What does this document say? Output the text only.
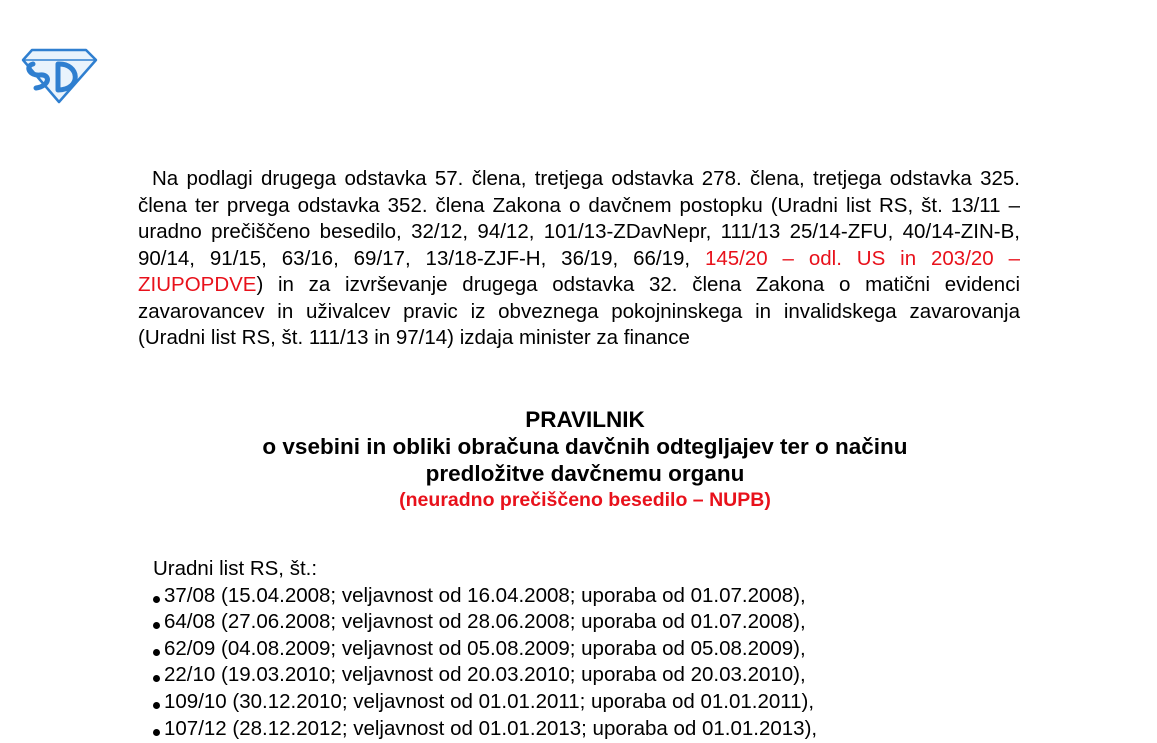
Na podlagi drugega odstavka 57. člena, tretjega odstavka 278. člena, tretjega odstavka 325. člena ter prvega odstavka 352. člena Zakona o davčnem postopku (Uradni list RS, št. 13/11 – uradno prečiščeno besedilo, 32/12, 94/12, 101/13-ZDavNepr, 111/13 25/14-ZFU, 40/14-ZIN-B, 90/14, 91/15, 63/16, 69/17, 13/18-ZJF-H, 36/19, 66/19, 145/20 – odl. US in 203/20 – ZIUPOPDVE) in za izvrševanje drugega odstavka 32. člena Zakona o matični evidenci zavarovancev in uživalcev pravic iz obveznega pokojninskega in invalidskega zavarovanja (Uradni list RS, št. 111/13 in 97/14) izdaja minister za finance

PRAVILNIK

o vsebini in obliki obračuna davčnih odtegljajev ter o načinu

predložitve davčnemu organu

(neuradno prečiščeno besedilo – NUPB)

Uradni list RS, št.:

37/08 (15.04.2008; veljavnost od 16.04.2008; uporaba od 01.07.2008),
64/08 (27.06.2008; veljavnost od 28.06.2008; uporaba od 01.07.2008),
62/09 (04.08.2009; veljavnost od 05.08.2009; uporaba od 05.08.2009),
22/10 (19.03.2010; veljavnost od 20.03.2010; uporaba od 20.03.2010),
109/10 (30.12.2010; veljavnost od 01.01.2011; uporaba od 01.01.2011),
107/12 (28.12.2012; veljavnost od 01.01.2013; uporaba od 01.01.2013),
